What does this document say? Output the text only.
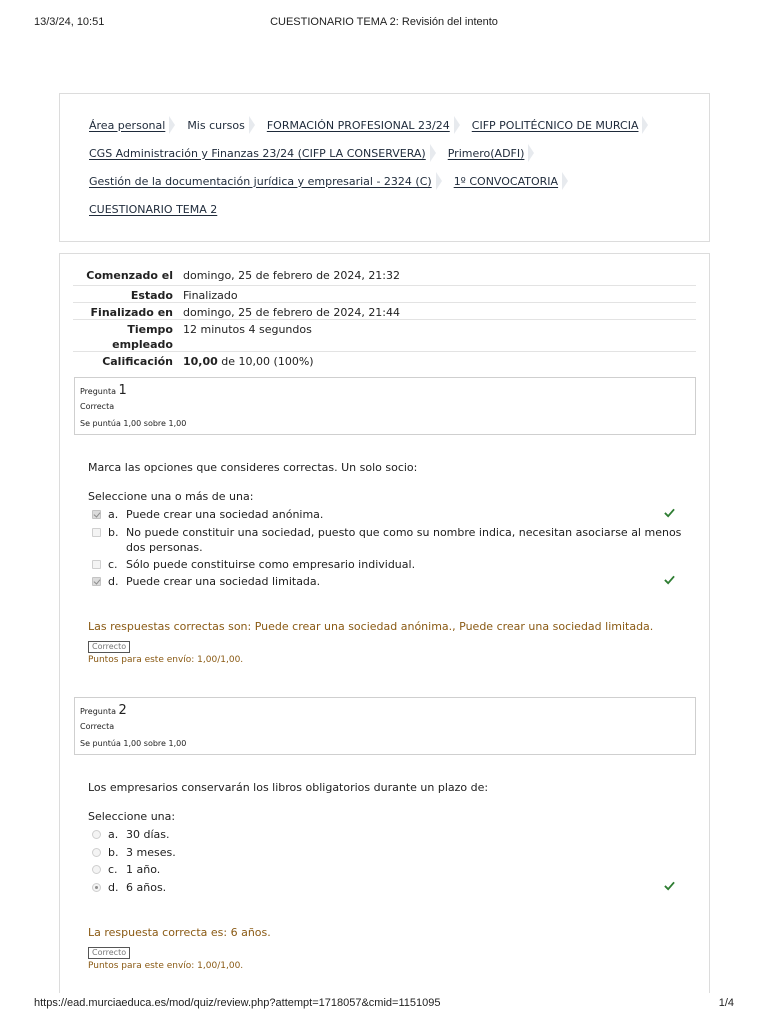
13/3/24, 10:51	CUESTIONARIO TEMA 2: Revisión del intento
Área personal Mis cursos FORMACIÓN PROFESIONAL 23/24 CIFP POLITÉCNICO DE MURCIA
CGS Administración y Finanzas 23/24 (CIFP LA CONSERVERA) Primero(ADFI)
Gestión de la documentación jurídica y empresarial - 2324 (C) 1º CONVOCATORIA
CUESTIONARIO TEMA 2
Comenzado el domingo, 25 de febrero de 2024, 21:32
Estado Finalizado
Finalizado en domingo, 25 de febrero de 2024, 21:44
Tiempo
empleado
12 minutos 4 segundos
Calificación 10,00 de 10,00 (100%)
Pregunta 1
Correcta
Se puntúa 1,00 sobre 1,00
Marca las opciones que consideres correctas. Un solo socio:
Seleccione una o más de una:
a. Puede crear una sociedad anónima.
b. No puede constituir una sociedad, puesto que como su nombre indica, necesitan asociarse al menos dos personas.
c. Sólo puede constituirse como empresario individual.
d. Puede crear una sociedad limitada.
Las respuestas correctas son: Puede crear una sociedad anónima., Puede crear una sociedad limitada.
Correcto
Puntos para este envío: 1,00/1,00.
Pregunta 2
Correcta
Se puntúa 1,00 sobre 1,00
Los empresarios conservarán los libros obligatorios durante un plazo de:
Seleccione una:
a. 30 días.
b. 3 meses.
c. 1 año.
d. 6 años.
La respuesta correcta es: 6 años.
Correcto
Puntos para este envío: 1,00/1,00.
https://ead.murciaeduca.es/mod/quiz/review.php?attempt=1718057&cmid=1151095	1/4
